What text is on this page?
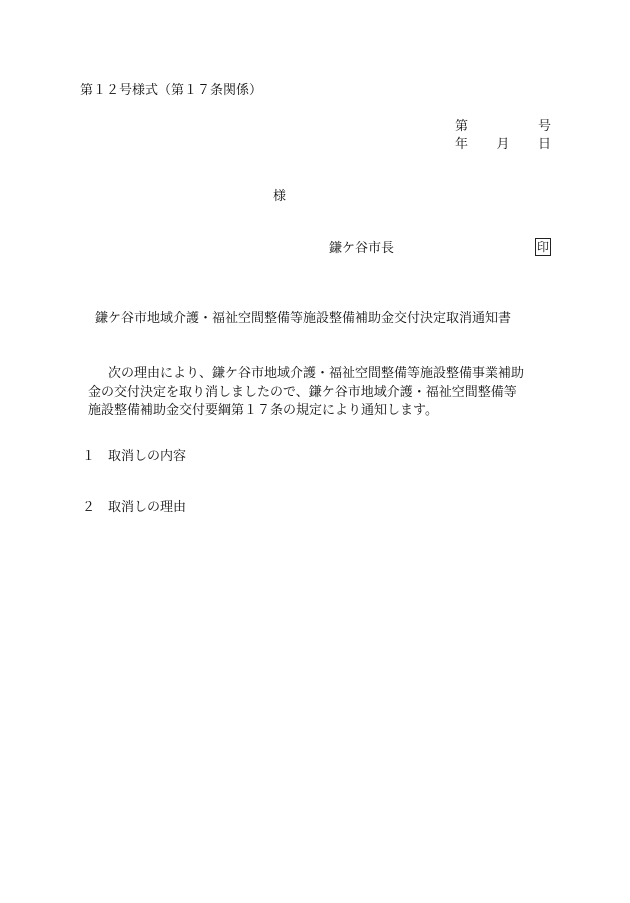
第１２号様式（第１７条関係）
第	号
年 月 日
様
鎌ケ谷市長	印
鎌ケ谷市地域介護・福祉空間整備等施設整備補助金交付決定取消通知書
次の理由により、鎌ケ谷市地域介護・福祉空間整備等施設整備事業補助
金の交付決定を取り消しましたので、鎌ケ谷市地域介護・福祉空間整備等
施設整備補助金交付要綱第１７条の規定により通知します。
１ 取消しの内容
２ 取消しの理由
